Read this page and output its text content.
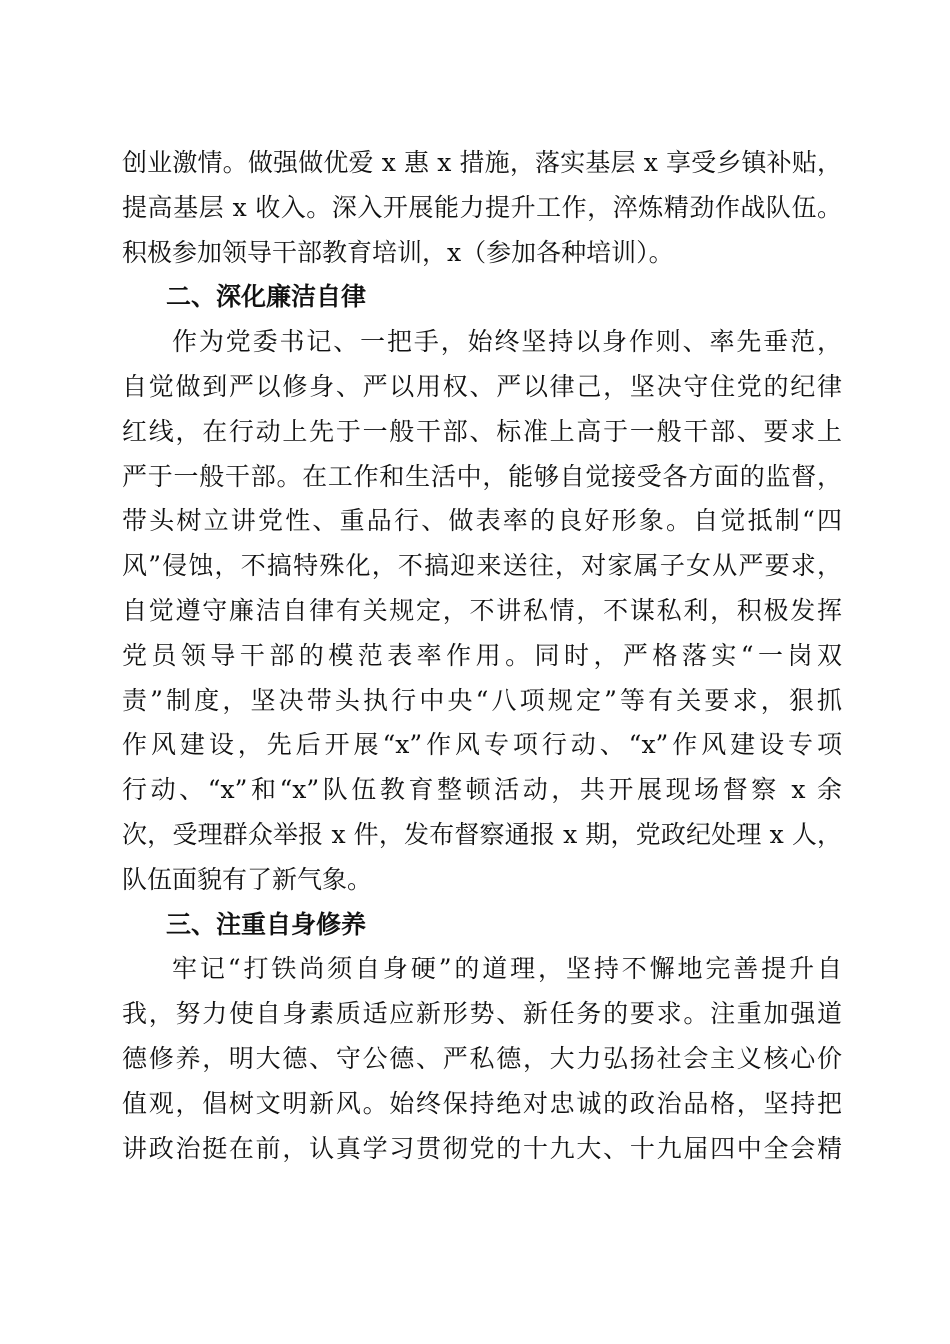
创业激情。做强做优爱 x 惠 x 措施，落实基层 x 享受乡镇补贴，
提高基层 x 收入。深入开展能力提升工作，淬炼精劲作战队伍。
积极参加领导干部教育培训，x（参加各种培训）。
二、深化廉洁自律
作为党委书记、一把手，始终坚持以身作则、率先垂范，
自觉做到严以修身、严以用权、严以律己，坚决守住党的纪律
红线，在行动上先于一般干部、标准上高于一般干部、要求上
严于一般干部。在工作和生活中，能够自觉接受各方面的监督，
带头树立讲党性、重品行、做表率的良好形象。自觉抵制“四
风”侵蚀，不搞特殊化，不搞迎来送往，对家属子女从严要求，
自觉遵守廉洁自律有关规定，不讲私情，不谋私利，积极发挥
党员领导干部的模范表率作用。同时，严格落实“一岗双
责”制度，坚决带头执行中央“八项规定”等有关要求，狠抓
作风建设，先后开展“x”作风专项行动、“x”作风建设专项
行动、“x”和“x”队伍教育整顿活动，共开展现场督察 x 余
次，受理群众举报 x 件，发布督察通报 x 期，党政纪处理 x 人，
队伍面貌有了新气象。
三、注重自身修养
牢记“打铁尚须自身硬”的道理，坚持不懈地完善提升自
我，努力使自身素质适应新形势、新任务的要求。注重加强道
德修养，明大德、守公德、严私德，大力弘扬社会主义核心价
值观，倡树文明新风。始终保持绝对忠诚的政治品格，坚持把
讲政治挺在前，认真学习贯彻党的十九大、十九届四中全会精
